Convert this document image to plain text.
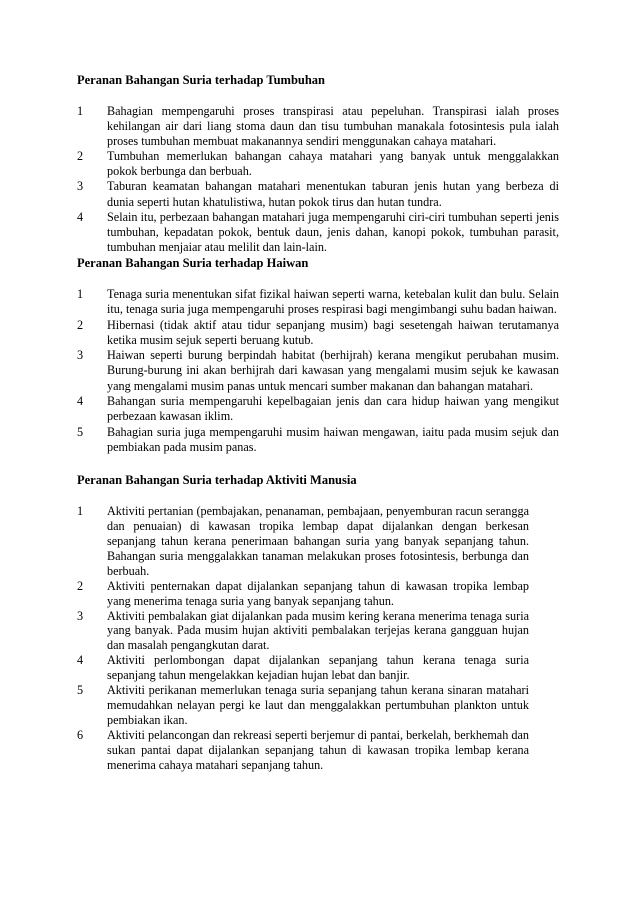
Peranan Bahangan Suria terhadap Tumbuhan
1	Bahagian mempengaruhi proses transpirasi atau pepeluhan. Transpirasi ialah proses kehilangan air dari liang stoma daun dan tisu tumbuhan manakala fotosintesis pula ialah proses tumbuhan membuat makanannya sendiri menggunakan cahaya matahari.
2	Tumbuhan memerlukan bahangan cahaya matahari yang banyak untuk menggalakkan pokok berbunga dan berbuah.
3	Taburan keamatan bahangan matahari menentukan taburan jenis hutan yang berbeza di dunia seperti hutan khatulistiwa, hutan pokok tirus dan hutan tundra.
4	Selain itu, perbezaan bahangan matahari juga mempengaruhi ciri-ciri tumbuhan seperti jenis tumbuhan, kepadatan pokok, bentuk daun, jenis dahan, kanopi pokok, tumbuhan parasit, tumbuhan menjaiar atau melilit dan lain-lain.
Peranan Bahangan Suria terhadap Haiwan
1	Tenaga suria menentukan sifat fizikal haiwan seperti warna, ketebalan kulit dan bulu. Selain itu, tenaga suria juga mempengaruhi proses respirasi bagi mengimbangi suhu badan haiwan.
2	Hibernasi (tidak aktif atau tidur sepanjang musim) bagi sesetengah haiwan terutamanya ketika musim sejuk seperti beruang kutub.
3	Haiwan seperti burung berpindah habitat (berhijrah) kerana mengikut perubahan musim. Burung-burung ini akan berhijrah dari kawasan yang mengalami musim sejuk ke kawasan yang mengalami musim panas untuk mencari sumber makanan dan bahangan matahari.
4	Bahangan suria mempengaruhi kepelbagaian jenis dan cara hidup haiwan yang mengikut perbezaan kawasan iklim.
5	Bahagian suria juga mempengaruhi musim haiwan mengawan, iaitu pada musim sejuk dan pembiakan pada musim panas.
Peranan Bahangan Suria terhadap Aktiviti Manusia
1	Aktiviti pertanian (pembajakan, penanaman, pembajaan, penyemburan racun serangga dan penuaian) di kawasan tropika lembap dapat dijalankan dengan berkesan sepanjang tahun kerana penerimaan bahangan suria yang banyak sepanjang tahun. Bahangan suria menggalakkan tanaman melakukan proses fotosintesis, berbunga dan berbuah.
2	Aktiviti penternakan dapat dijalankan sepanjang tahun di kawasan tropika lembap yang menerima tenaga suria yang banyak sepanjang tahun.
3	Aktiviti pembalakan giat dijalankan pada musim kering kerana menerima tenaga suria yang banyak. Pada musim hujan aktiviti pembalakan terjejas kerana gangguan hujan dan masalah pengangkutan darat.
4	Aktiviti perlombongan dapat dijalankan sepanjang tahun kerana tenaga suria sepanjang tahun mengelakkan kejadian hujan lebat dan banjir.
5	Aktiviti perikanan memerlukan tenaga suria sepanjang tahun kerana sinaran matahari memudahkan nelayan pergi ke laut dan menggalakkan pertumbuhan plankton untuk pembiakan ikan.
6	Aktiviti pelancongan dan rekreasi seperti berjemur di pantai, berkelah, berkhemah dan sukan pantai dapat dijalankan sepanjang tahun di kawasan tropika lembap kerana menerima cahaya matahari sepanjang tahun.
